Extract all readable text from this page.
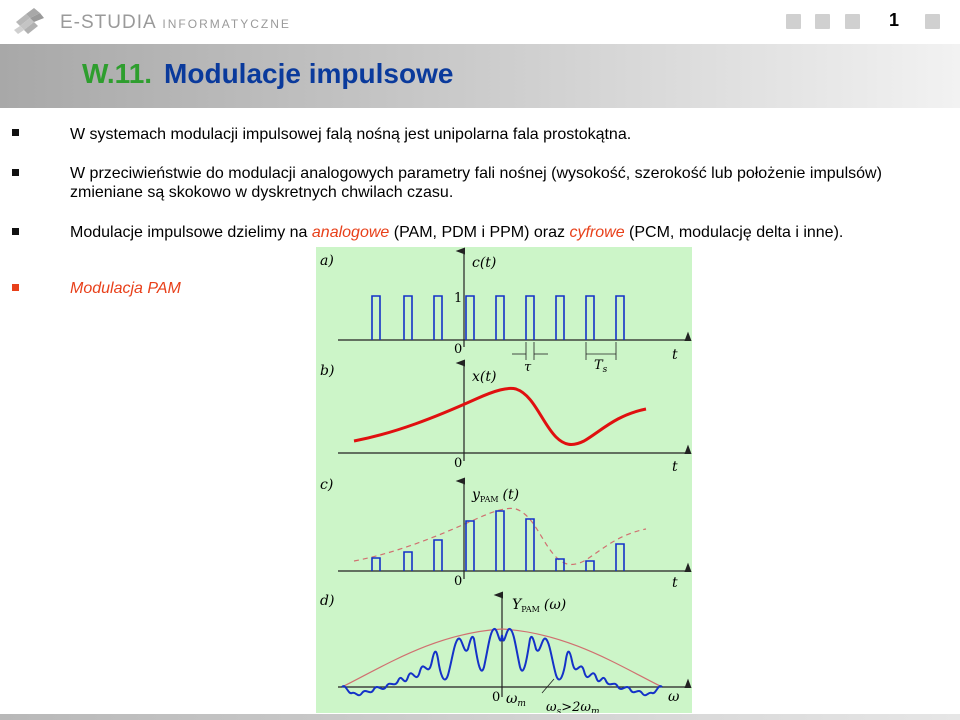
E-STUDIA INFORMATYCZNE	1
W.11. Modulacje impulsowe
W systemach modulacji impulsowej falą nośną jest unipolarna fala prostokątna.
W przeciwieństwie do modulacji analogowych parametry fali nośnej (wysokość, szerokość lub położenie impulsów) zmieniane są skokowo w dyskretnych chwilach czasu.
Modulacje impulsowe dzielimy na analogowe (PAM, PDM i PPM) oraz cyfrowe (PCM, modulację delta i inne).
Modulacja PAM
a)	c(t)
1
0	t
τ	$T_s$
b)	x(t)
0	t
c)
$y_{PAM}$ (t)
0	t
d)	$Y_{PAM}$ (ω)
0 $\omega_m$	ω
$\omega_s>2\omega_m$
